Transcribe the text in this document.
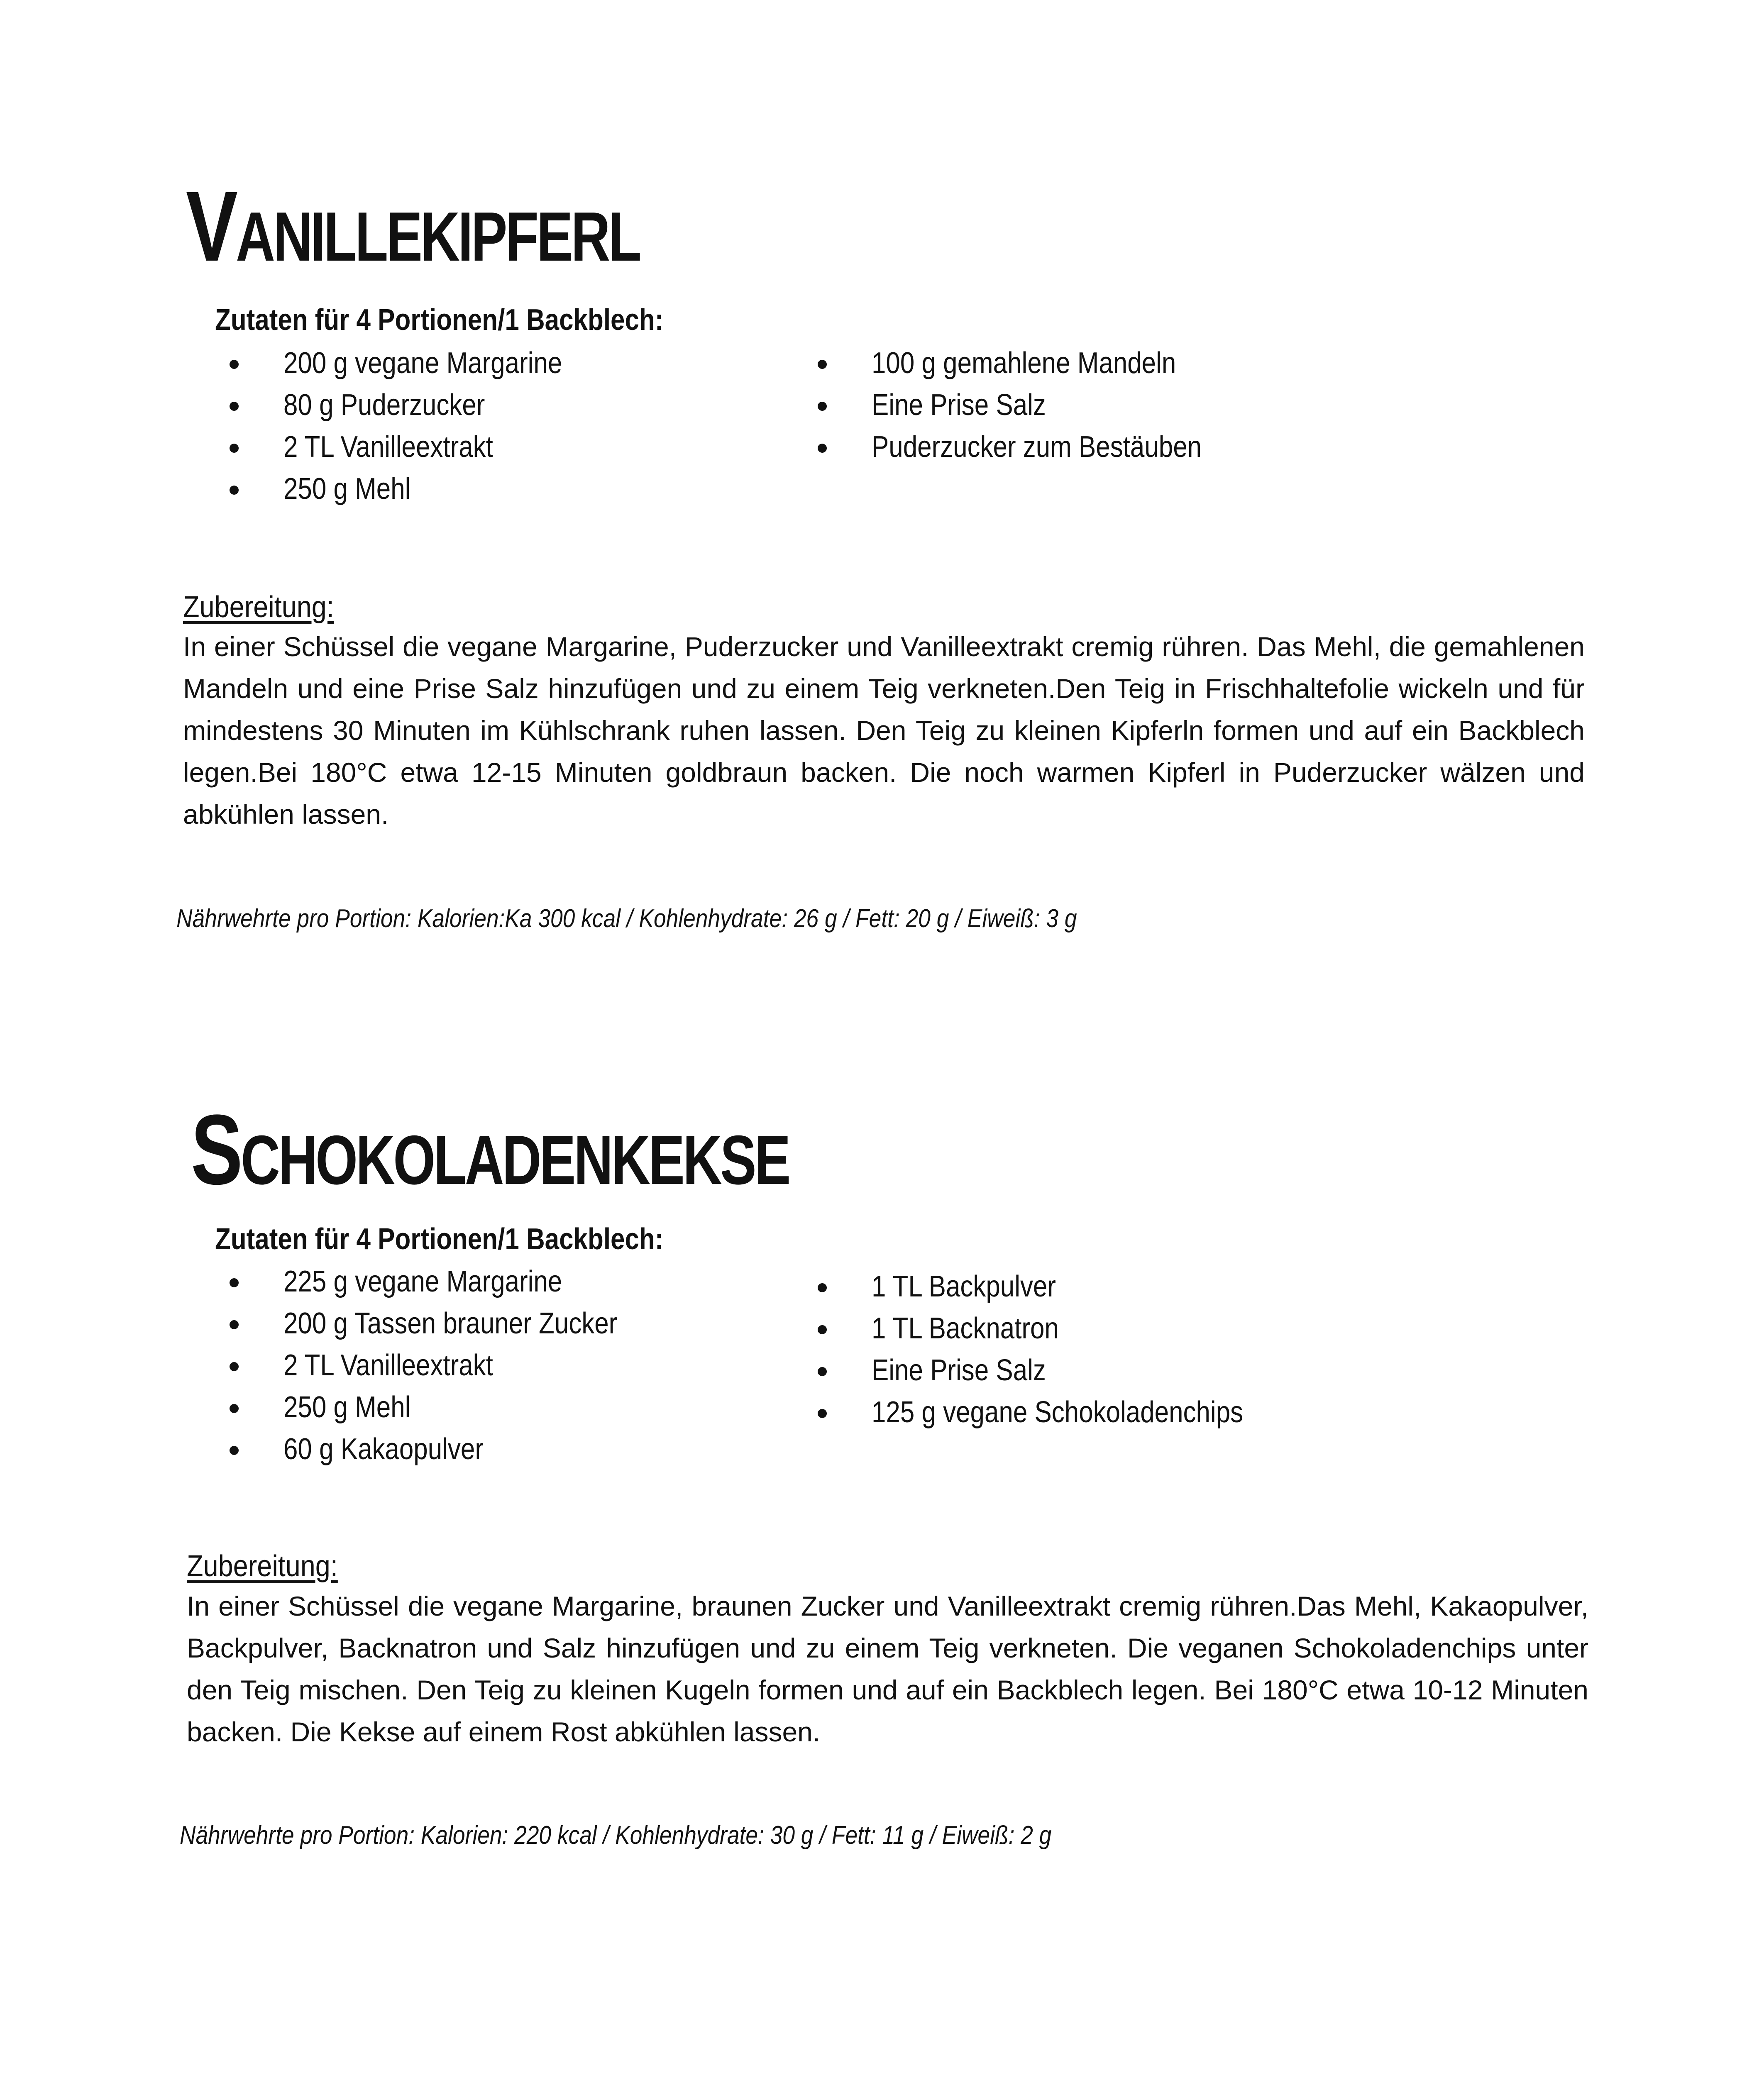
Vanillekipferl
Zutaten für 4 Portionen/1 Backblech:
200 g vegane Margarine
80 g Puderzucker
2 TL Vanilleextrakt
250 g Mehl
100 g gemahlene Mandeln
Eine Prise Salz
Puderzucker zum Bestäuben
Zubereitung:

In einer Schüssel die vegane Margarine, Puderzucker und Vanilleextrakt cremig rühren. Das Mehl, die gemahlenen Mandeln und eine Prise Salz hinzufügen und zu einem Teig verkneten.Den Teig in Frischhaltefolie wickeln und für mindestens 30 Minuten im Kühlschrank ruhen lassen. Den Teig zu kleinen Kipferln formen und auf ein Backblech legen.Bei 180°C etwa 12-15 Minuten goldbraun backen. Die noch warmen Kipferl in Puderzucker wälzen und abkühlen lassen.

Nährwehrte pro Portion: Kalorien:Ka 300 kcal / Kohlenhydrate: 26 g / Fett: 20 g / Eiweiß: 3 g
Schokoladenkekse
Zutaten für 4 Portionen/1 Backblech:
225 g vegane Margarine
200 g Tassen brauner Zucker
2 TL Vanilleextrakt
250 g Mehl
60 g Kakaopulver
1 TL Backpulver
1 TL Backnatron
Eine Prise Salz
125 g vegane Schokoladenchips
Zubereitung:

In einer Schüssel die vegane Margarine, braunen Zucker und Vanilleextrakt cremig rühren.Das Mehl, Kakaopulver, Backpulver, Backnatron und Salz hinzufügen und zu einem Teig verkneten. Die veganen Schokoladenchips unter den Teig mischen. Den Teig zu kleinen Kugeln formen und auf ein Backblech legen. Bei 180°C etwa 10-12 Minuten backen. Die Kekse auf einem Rost abkühlen lassen.

Nährwehrte pro Portion: Kalorien: 220 kcal / Kohlenhydrate: 30 g / Fett: 11 g / Eiweiß: 2 g
